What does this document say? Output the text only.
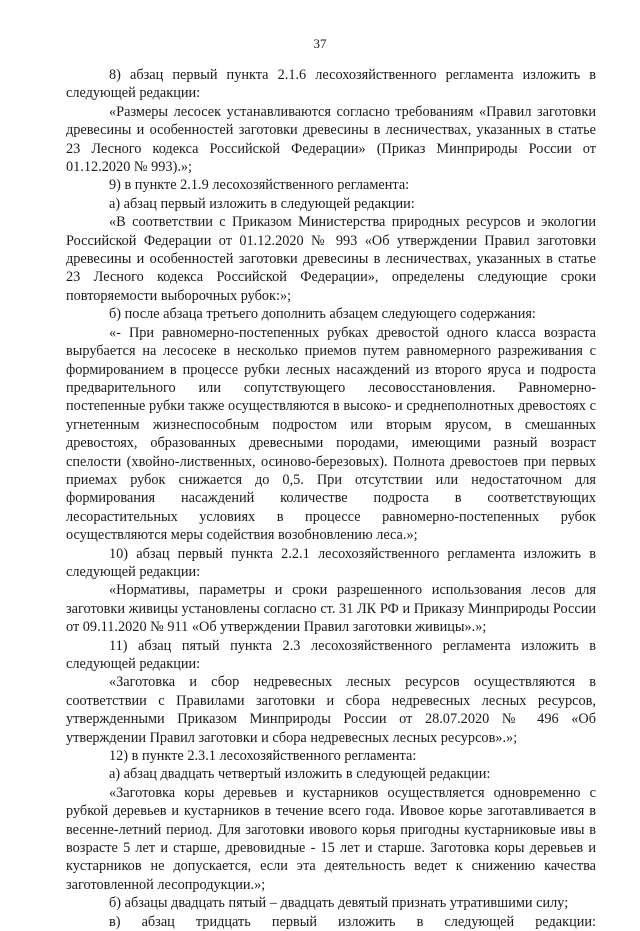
37

8) абзац первый пункта 2.1.6 лесохозяйственного регламента изложить в следующей редакции:

«Размеры лесосек устанавливаются согласно требованиям «Правил заготовки древесины и особенностей заготовки древесины в лесничествах, указанных в статье 23 Лесного кодекса Российской Федерации» (Приказ Минприроды России от 01.12.2020 № 993).»;

9) в пункте 2.1.9 лесохозяйственного регламента:

а) абзац первый изложить в следующей редакции:

«В соответствии с Приказом Министерства природных ресурсов и экологии Российской Федерации от 01.12.2020 № 993 «Об утверждении Правил заготовки древесины и особенностей заготовки древесины в лесничествах, указанных в статье 23 Лесного кодекса Российской Федерации», определены следующие сроки повторяемости выборочных рубок:»;

б) после абзаца третьего дополнить абзацем следующего содержания:

«- При равномерно-постепенных рубках древостой одного класса возраста вырубается на лесосеке в несколько приемов путем равномерного разреживания с формированием в процессе рубки лесных насаждений из второго яруса и подроста предварительного или сопутствующего лесовосстановления. Равномерно-постепенные рубки также осуществляются в высоко- и среднеполнотных древостоях с угнетенным жизнеспособным подростом или вторым ярусом, в смешанных древостоях, образованных древесными породами, имеющими разный возраст спелости (хвойно-лиственных, осиново-березовых). Полнота древостоев при первых приемах рубок снижается до 0,5. При отсутствии или недостаточном для формирования насаждений количестве подроста в соответствующих лесорастительных условиях в процессе равномерно-постепенных рубок осуществляются меры содействия возобновлению леса.»;

10) абзац первый пункта 2.2.1 лесохозяйственного регламента изложить в следующей редакции:

«Нормативы, параметры и сроки разрешенного использования лесов для заготовки живицы установлены согласно ст. 31 ЛК РФ и Приказу Минприроды России от 09.11.2020 № 911 «Об утверждении Правил заготовки живицы».»;

11) абзац пятый пункта 2.3 лесохозяйственного регламента изложить в следующей редакции:

«Заготовка и сбор недревесных лесных ресурсов осуществляются в соответствии с Правилами заготовки и сбора недревесных лесных ресурсов, утвержденными Приказом Минприроды России от 28.07.2020 № 496 «Об утверждении Правил заготовки и сбора недревесных лесных ресурсов».»;

12) в пункте 2.3.1 лесохозяйственного регламента:

а) абзац двадцать четвертый изложить в следующей редакции:

«Заготовка коры деревьев и кустарников осуществляется одновременно с рубкой деревьев и кустарников в течение всего года. Ивовое корье заготавливается в весенне-летний период. Для заготовки ивового корья пригодны кустарниковые ивы в возрасте 5 лет и старше, древовидные - 15 лет и старше. Заготовка коры деревьев и кустарников не допускается, если эта деятельность ведет к снижению качества заготовленной лесопродукции.»;

б) абзацы двадцать пятый – двадцать девятый признать утратившими силу;

в) абзац тридцать первый изложить в следующей редакции:
